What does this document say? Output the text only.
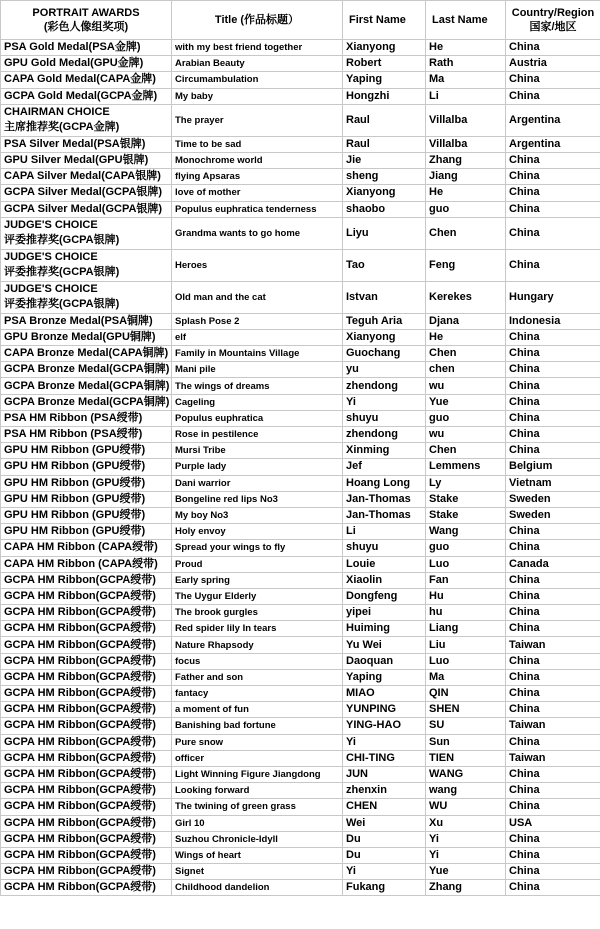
PORTRAIT AWARDS
(彩色人像组奖项)	Title (作品标题）	First Name	Last Name	Country/Region
国家/地区

PSA Gold Medal(PSA金牌)	with my best friend together	Xianyong	He	China
GPU Gold Medal(GPU金牌)	Arabian Beauty	Robert	Rath	Austria
CAPA Gold Medal(CAPA金牌)	Circumambulation	Yaping	Ma	China
GCPA Gold Medal(GCPA金牌)	My baby	Hongzhi	Li	China

CHAIRMAN CHOICE
主席推荐奖(GCPA金牌)	The prayer	Raul	Villalba	Argentina
PSA Silver Medal(PSA银牌)	Time to be sad	Raul	Villalba	Argentina
GPU Silver Medal(GPU银牌)	Monochrome world	Jie	Zhang	China
CAPA Silver Medal(CAPA银牌)	flying Apsaras	sheng	Jiang	China
GCPA Silver Medal(GCPA银牌)	love of mother	Xianyong	He	China
GCPA Silver Medal(GCPA银牌)	Populus euphratica tenderness	shaobo	guo	China

JUDGE'S CHOICE
评委推荐奖(GCPA银牌)	Grandma wants to go home	Liyu	Chen	China

JUDGE'S CHOICE
评委推荐奖(GCPA银牌)	Heroes	Tao	Feng	China

JUDGE'S CHOICE
评委推荐奖(GCPA银牌)	Old man and the cat	Istvan	Kerekes	Hungary
PSA Bronze Medal(PSA铜牌)	Splash Pose 2	Teguh Aria	Djana	Indonesia
GPU Bronze Medal(GPU铜牌)	elf	Xianyong	He	China
CAPA Bronze Medal(CAPA铜牌)	Family in Mountains Village	Guochang	Chen	China
GCPA Bronze Medal(GCPA铜牌)	Mani pile	yu	chen	China
GCPA Bronze Medal(GCPA铜牌)	The wings of dreams	zhendong	wu	China
GCPA Bronze Medal(GCPA铜牌)	Cageling	Yi	Yue	China
PSA HM Ribbon (PSA绶带)	Populus euphratica	shuyu	guo	China
PSA HM Ribbon (PSA绶带)	Rose in pestilence	zhendong	wu	China
GPU HM Ribbon (GPU绶带)	Mursi Tribe	Xinming	Chen	China
GPU HM Ribbon (GPU绶带)	Purple lady	Jef	Lemmens	Belgium
GPU HM Ribbon (GPU绶带)	Dani warrior	Hoang Long	Ly	Vietnam
GPU HM Ribbon (GPU绶带)	Bongeline red lips No3	Jan-Thomas	Stake	Sweden
GPU HM Ribbon (GPU绶带)	My boy No3	Jan-Thomas	Stake	Sweden
GPU HM Ribbon (GPU绶带)	Holy envoy	Li	Wang	China
CAPA HM Ribbon (CAPA绶带)	Spread your wings to fly	shuyu	guo	China
CAPA HM Ribbon (CAPA绶带)	Proud	Louie	Luo	Canada
GCPA HM Ribbon(GCPA绶带)	Early spring	Xiaolin	Fan	China
GCPA HM Ribbon(GCPA绶带)	The Uygur Elderly	Dongfeng	Hu	China
GCPA HM Ribbon(GCPA绶带)	The brook gurgles	yipei	hu	China
GCPA HM Ribbon(GCPA绶带)	Red spider lily In tears	Huiming	Liang	China
GCPA HM Ribbon(GCPA绶带)	Nature Rhapsody	Yu Wei	Liu	Taiwan
GCPA HM Ribbon(GCPA绶带)	focus	Daoquan	Luo	China
GCPA HM Ribbon(GCPA绶带)	Father and son	Yaping	Ma	China
GCPA HM Ribbon(GCPA绶带)	fantacy	MIAO	QIN	China
GCPA HM Ribbon(GCPA绶带)	a moment of fun	YUNPING	SHEN	China
GCPA HM Ribbon(GCPA绶带)	Banishing bad fortune	YING-HAO	SU	Taiwan
GCPA HM Ribbon(GCPA绶带)	Pure snow	Yi	Sun	China
GCPA HM Ribbon(GCPA绶带)	officer	CHI-TING	TIEN	Taiwan
GCPA HM Ribbon(GCPA绶带)	Light Winning Figure Jiangdong	JUN	WANG	China
GCPA HM Ribbon(GCPA绶带)	Looking forward	zhenxin	wang	China
GCPA HM Ribbon(GCPA绶带)	The twining of green grass	CHEN	WU	China
GCPA HM Ribbon(GCPA绶带)	Girl 10	Wei	Xu	USA
GCPA HM Ribbon(GCPA绶带)	Suzhou Chronicle-Idyll	Du	Yi	China
GCPA HM Ribbon(GCPA绶带)	Wings of heart	Du	Yi	China
GCPA HM Ribbon(GCPA绶带)	Signet	Yi	Yue	China
GCPA HM Ribbon(GCPA绶带)	Childhood dandelion	Fukang	Zhang	China
